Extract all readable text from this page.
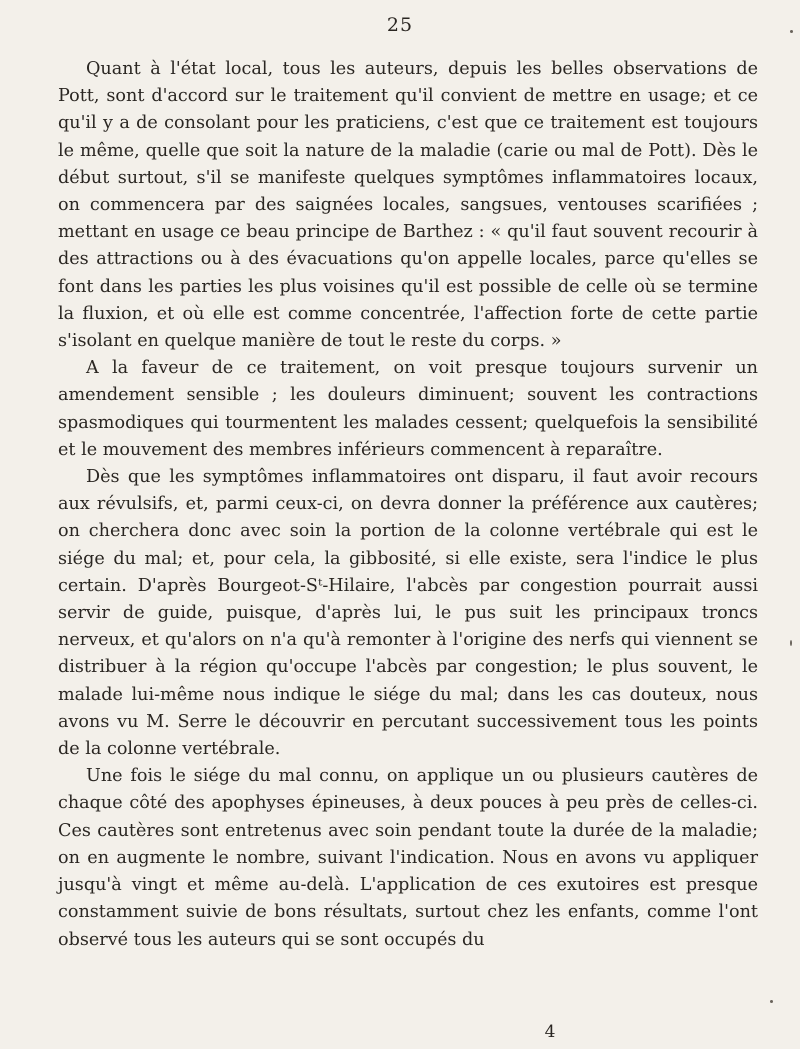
25

Quant à l'état local, tous les auteurs, depuis les belles observations de Pott, sont d'accord sur le traitement qu'il convient de mettre en usage; et ce qu'il y a de consolant pour les praticiens, c'est que ce traitement est toujours le même, quelle que soit la nature de la maladie (carie ou mal de Pott). Dès le début surtout, s'il se manifeste quelques symptômes inflammatoires locaux, on commencera par des saignées locales, sangsues, ventouses scarifiées ; mettant en usage ce beau principe de Barthez : « qu'il faut souvent recourir à des attractions ou à des évacuations qu'on appelle locales, parce qu'elles se font dans les parties les plus voisines qu'il est possible de celle où se termine la fluxion, et où elle est comme concentrée, l'affection forte de cette partie s'isolant en quelque manière de tout le reste du corps. »

A la faveur de ce traitement, on voit presque toujours survenir un amendement sensible ; les douleurs diminuent; souvent les contractions spasmodiques qui tourmentent les malades cessent; quelquefois la sensibilité et le mouvement des membres inférieurs commencent à reparaître.

Dès que les symptômes inflammatoires ont disparu, il faut avoir recours aux révulsifs, et, parmi ceux-ci, on devra donner la préférence aux cautères; on cherchera donc avec soin la portion de la colonne vertébrale qui est le siége du mal; et, pour cela, la gibbosité, si elle existe, sera l'indice le plus certain. D'après Bourgeot-Sᵗ-Hilaire, l'abcès par congestion pourrait aussi servir de guide, puisque, d'après lui, le pus suit les principaux troncs nerveux, et qu'alors on n'a qu'à remonter à l'origine des nerfs qui viennent se distribuer à la région qu'occupe l'abcès par congestion; le plus souvent, le malade lui-même nous indique le siége du mal; dans les cas douteux, nous avons vu M. Serre le découvrir en percutant successivement tous les points de la colonne vertébrale.

Une fois le siége du mal connu, on applique un ou plusieurs cautères de chaque côté des apophyses épineuses, à deux pouces à peu près de celles-ci. Ces cautères sont entretenus avec soin pendant toute la durée de la maladie; on en augmente le nombre, suivant l'indication. Nous en avons vu appliquer jusqu'à vingt et même au-delà. L'application de ces exutoires est presque constamment suivie de bons résultats, surtout chez les enfants, comme l'ont observé tous les auteurs qui se sont occupés du

4
